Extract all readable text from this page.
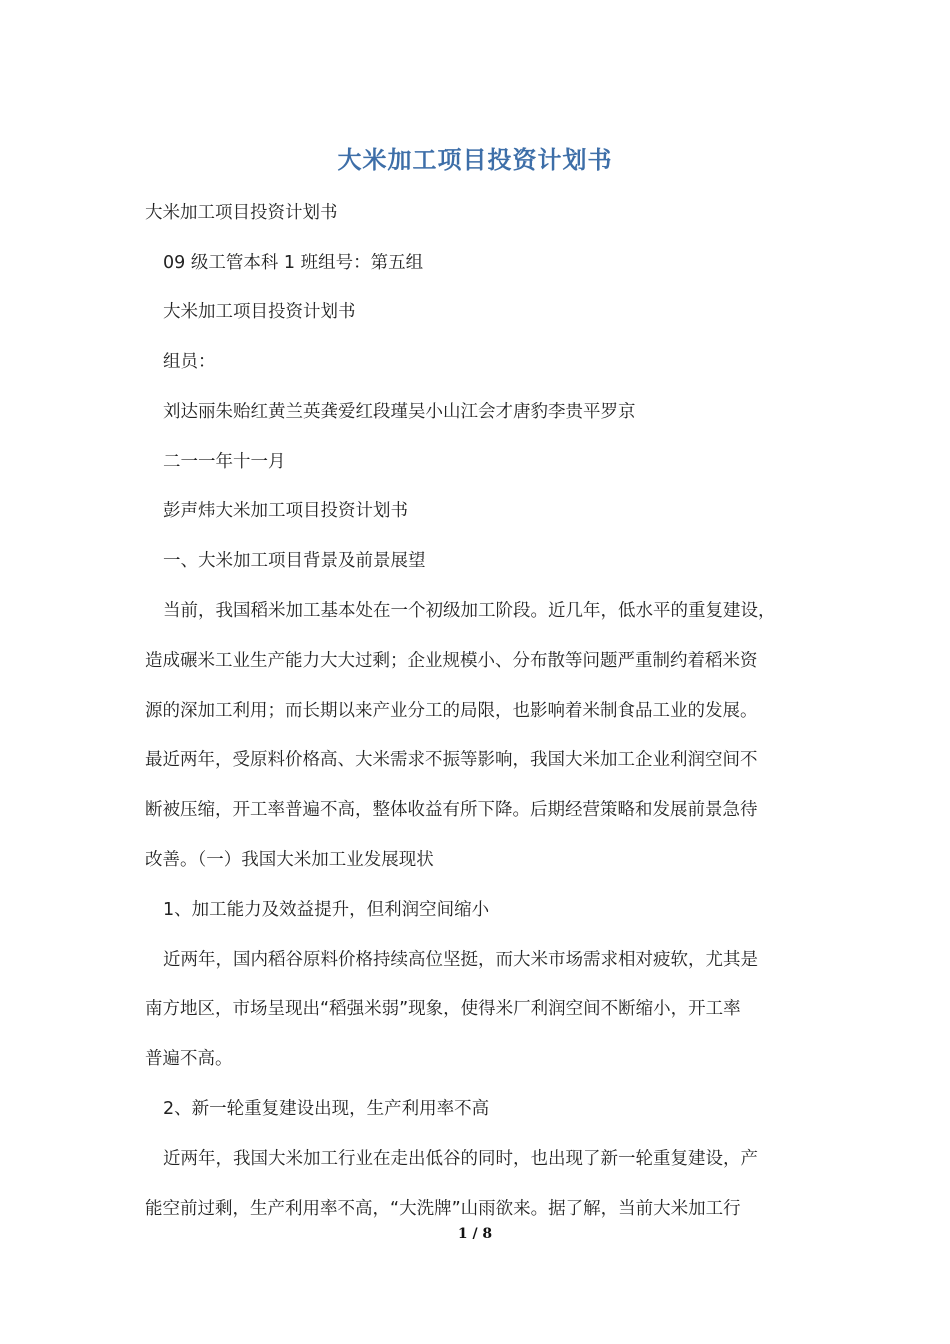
大米加工项目投资计划书
大米加工项目投资计划书
09 级工管本科 1 班组号：第五组
大米加工项目投资计划书
组员：
刘达丽朱贻红黄兰英龚爱红段瑾吴小山江会才唐豹李贵平罗京
二一一年十一月
彭声炜大米加工项目投资计划书
一、大米加工项目背景及前景展望
当前，我国稻米加工基本处在一个初级加工阶段。近几年，低水平的重复建设，
造成碾米工业生产能力大大过剩；企业规模小、分布散等问题严重制约着稻米资
源的深加工利用；而长期以来产业分工的局限，也影响着米制食品工业的发展。
最近两年，受原料价格高、大米需求不振等影响，我国大米加工企业利润空间不
断被压缩，开工率普遍不高，整体收益有所下降。后期经营策略和发展前景急待
改善。（一）我国大米加工业发展现状
1、加工能力及效益提升，但利润空间缩小
近两年，国内稻谷原料价格持续高位坚挺，而大米市场需求相对疲软，尤其是
南方地区，市场呈现出“稻强米弱”现象，使得米厂利润空间不断缩小，开工率
普遍不高。
2、新一轮重复建设出现，生产利用率不高
近两年，我国大米加工行业在走出低谷的同时，也出现了新一轮重复建设，产
能空前过剩，生产利用率不高，“大洗牌”山雨欲来。据了解，当前大米加工行
1 / 8
